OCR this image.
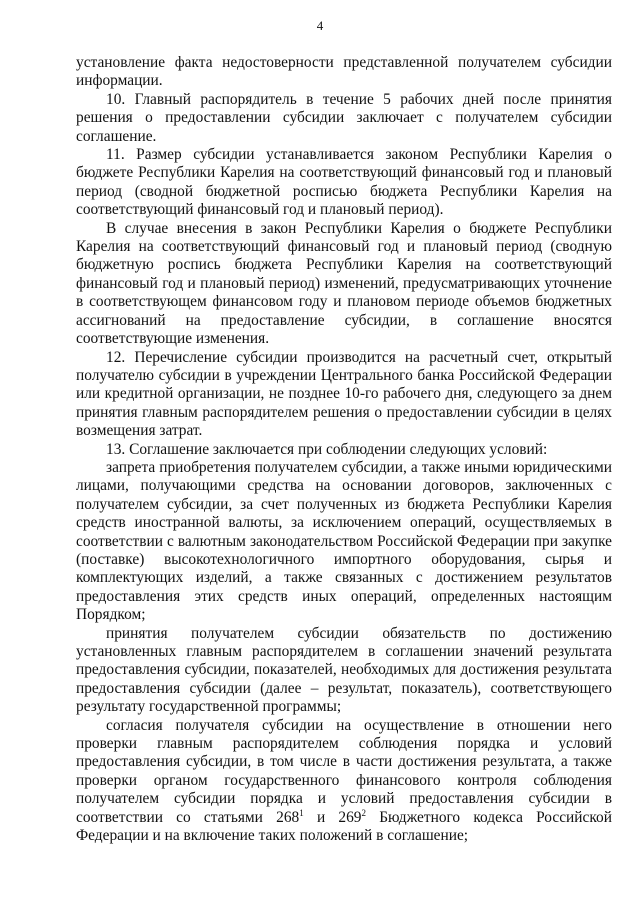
4

установление факта недостоверности представленной получателем субсидии информации.

10. Главный распорядитель в течение 5 рабочих дней после принятия решения о предоставлении субсидии заключает с получателем субсидии соглашение.

11. Размер субсидии устанавливается законом Республики Карелия о бюджете Республики Карелия на соответствующий финансовый год и плановый период (сводной бюджетной росписью бюджета Республики Карелия на соответствующий финансовый год и плановый период).

В случае внесения в закон Республики Карелия о бюджете Республики Карелия на соответствующий финансовый год и плановый период (сводную бюджетную роспись бюджета Республики Карелия на соответствующий финансовый год и плановый период) изменений, предусматривающих уточнение в соответствующем финансовом году и плановом периоде объемов бюджетных ассигнований на предоставление субсидии, в соглашение вносятся соответствующие изменения.

12. Перечисление субсидии производится на расчетный счет, открытый получателю субсидии в учреждении Центрального банка Российской Федерации или кредитной организации, не позднее 10-го рабочего дня, следующего за днем принятия главным распорядителем решения о предоставлении субсидии в целях возмещения затрат.

13. Соглашение заключается при соблюдении следующих условий:

запрета приобретения получателем субсидии, а также иными юридическими лицами, получающими средства на основании договоров, заключенных с получателем субсидии, за счет полученных из бюджета Республики Карелия средств иностранной валюты, за исключением операций, осуществляемых в соответствии с валютным законодательством Российской Федерации при закупке (поставке) высокотехнологичного импортного оборудования, сырья и комплектующих изделий, а также связанных с достижением результатов предоставления этих средств иных операций, определенных настоящим Порядком;

принятия получателем субсидии обязательств по достижению установленных главным распорядителем в соглашении значений результата предоставления субсидии, показателей, необходимых для достижения результата предоставления субсидии (далее – результат, показатель), соответствующего результату государственной программы;

согласия получателя субсидии на осуществление в отношении него проверки главным распорядителем соблюдения порядка и условий предоставления субсидии, в том числе в части достижения результата, а также проверки органом государственного финансового контроля соблюдения получателем субсидии порядка и условий предоставления субсидии в соответствии со статьями $268^1$ и $269^2$ Бюджетного кодекса Российской Федерации и на включение таких положений в соглашение;
